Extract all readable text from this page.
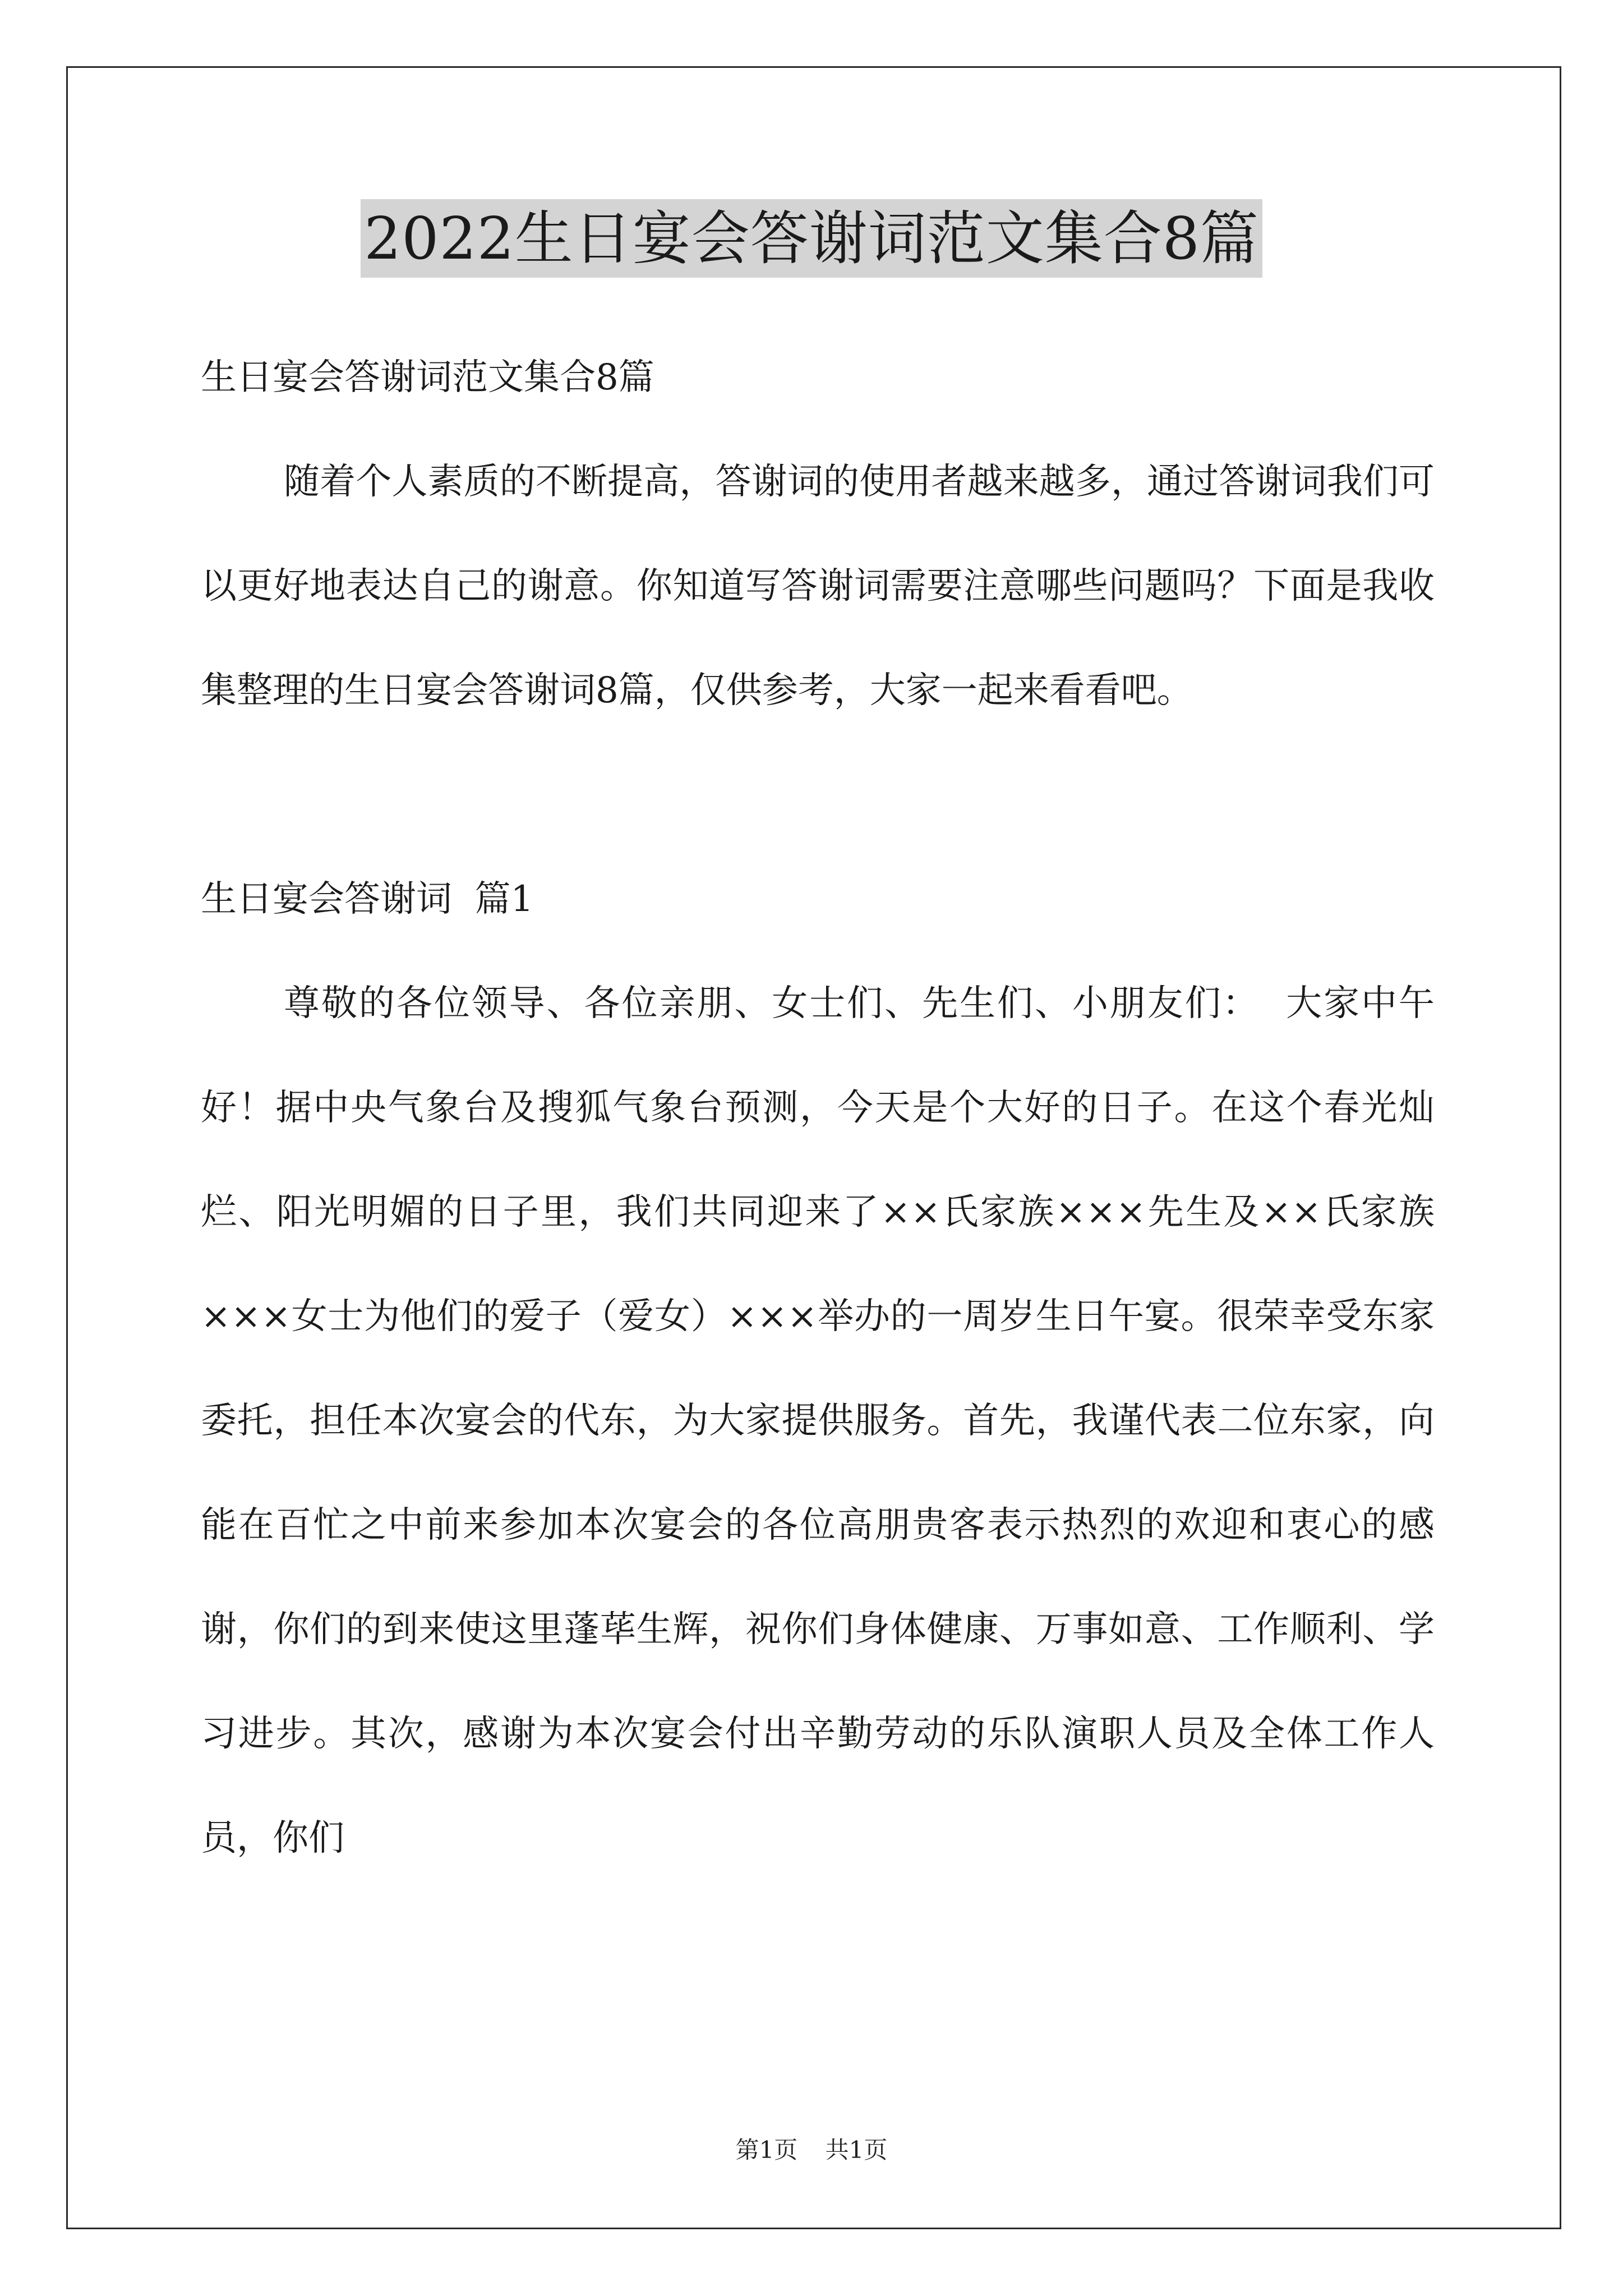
2022生日宴会答谢词范文集合8篇

生日宴会答谢词范文集合8篇

随着个人素质的不断提高，答谢词的使用者越来越多，通过答谢词我们可以更好地表达自己的谢意。你知道写答谢词需要注意哪些问题吗？下面是我收集整理的生日宴会答谢词8篇，仅供参考，大家一起来看看吧。

生日宴会答谢词  篇1

尊敬的各位领导、各位亲朋、女士们、先生们、小朋友们：  大家中午好！据中央气象台及搜狐气象台预测，今天是个大好的日子。在这个春光灿烂、阳光明媚的日子里，我们共同迎来了××氏家族×××先生及××氏家族×××女士为他们的爱子（爱女）×××举办的一周岁生日午宴。很荣幸受东家委托，担任本次宴会的代东，为大家提供服务。首先，我谨代表二位东家，向能在百忙之中前来参加本次宴会的各位高朋贵客表示热烈的欢迎和衷心的感谢，你们的到来使这里蓬荜生辉，祝你们身体健康、万事如意、工作顺利、学习进步。其次，感谢为本次宴会付出辛勤劳动的乐队演职人员及全体工作人员，你们

第1页 共1页
